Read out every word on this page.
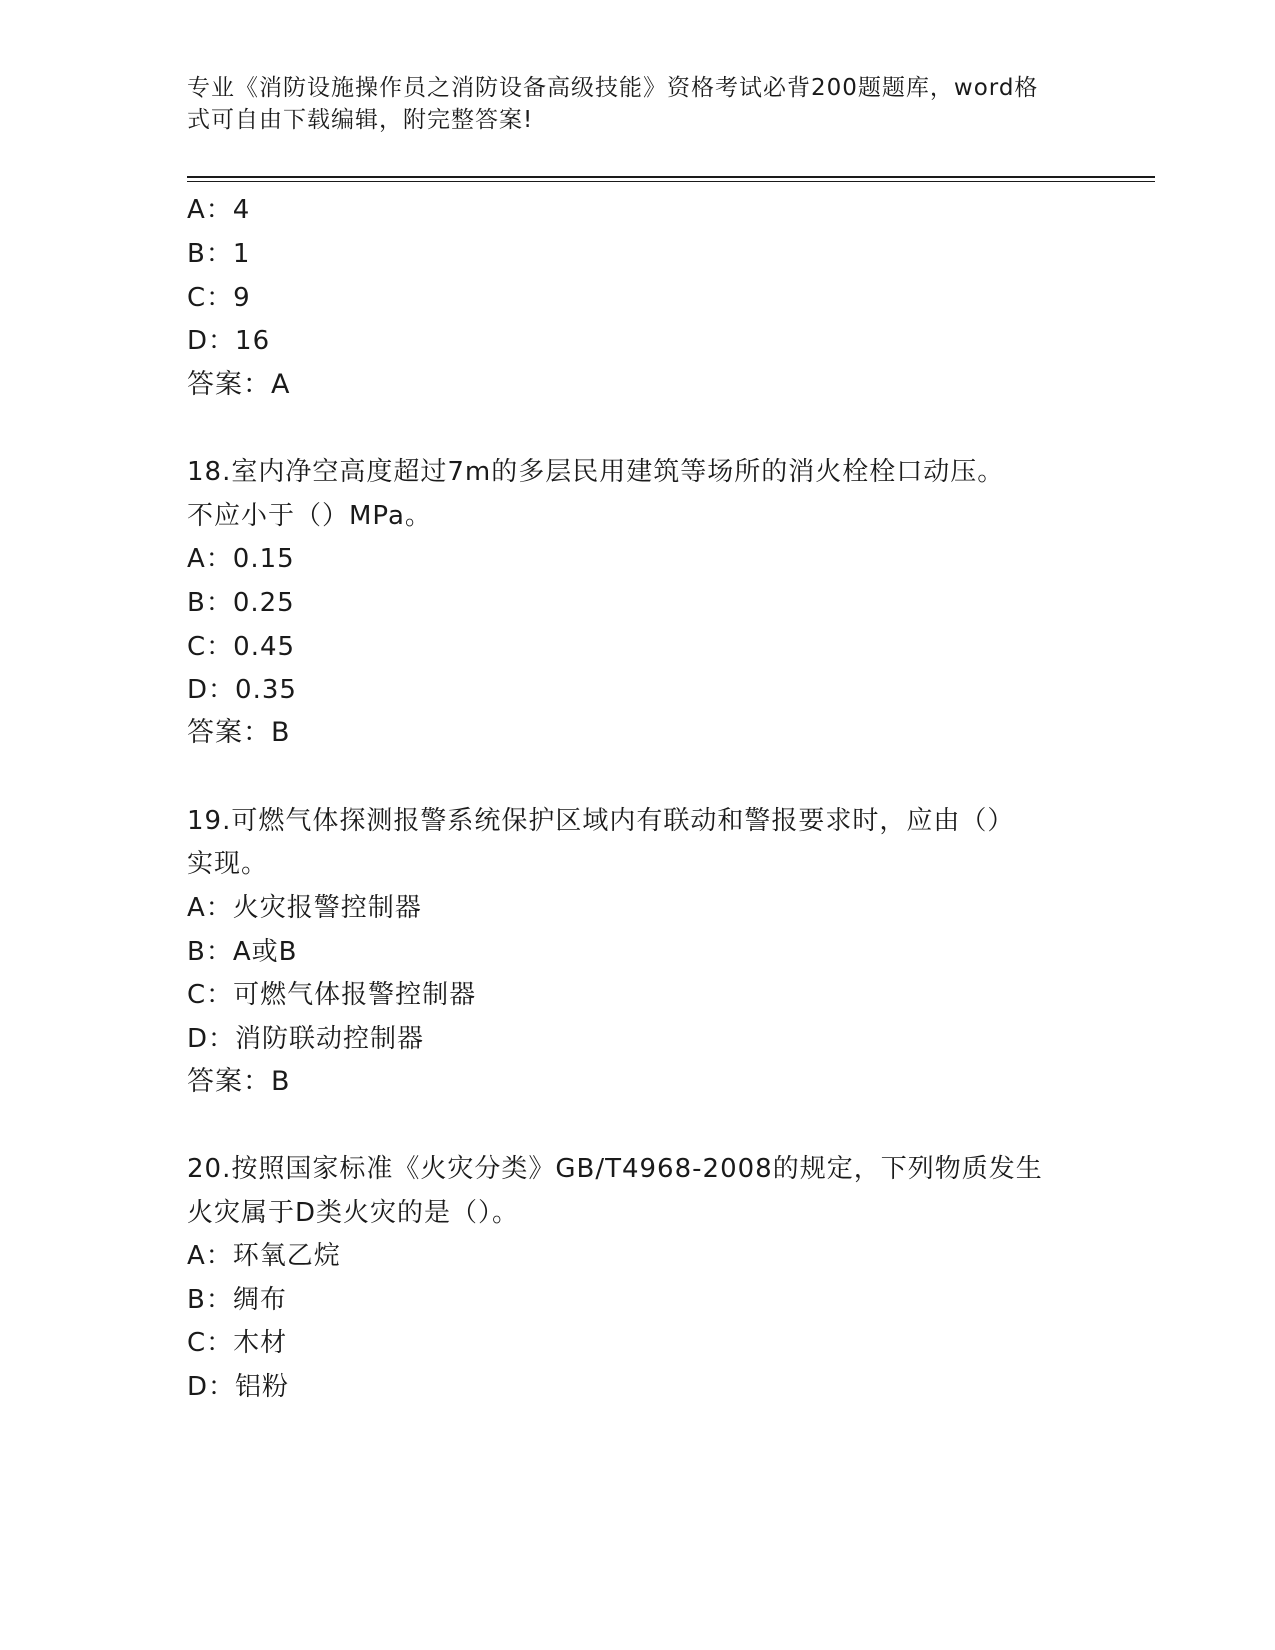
专业《消防设施操作员之消防设备高级技能》资格考试必背200题题库，word格
式可自由下载编辑，附完整答案!
A：4
B：1
C：9
D：16
答案：A
18.室内净空高度超过7m的多层民用建筑等场所的消火栓栓口动压。
不应小于（）MPa。
A：0.15
B：0.25
C：0.45
D：0.35
答案：B
19.可燃气体探测报警系统保护区域内有联动和警报要求时，应由（）
实现。
A：火灾报警控制器
B：A或B
C：可燃气体报警控制器
D：消防联动控制器
答案：B
20.按照国家标准《火灾分类》GB/T4968-2008的规定，下列物质发生
火灾属于D类火灾的是（）。
A：环氧乙烷
B：绸布
C：木材
D：铝粉
